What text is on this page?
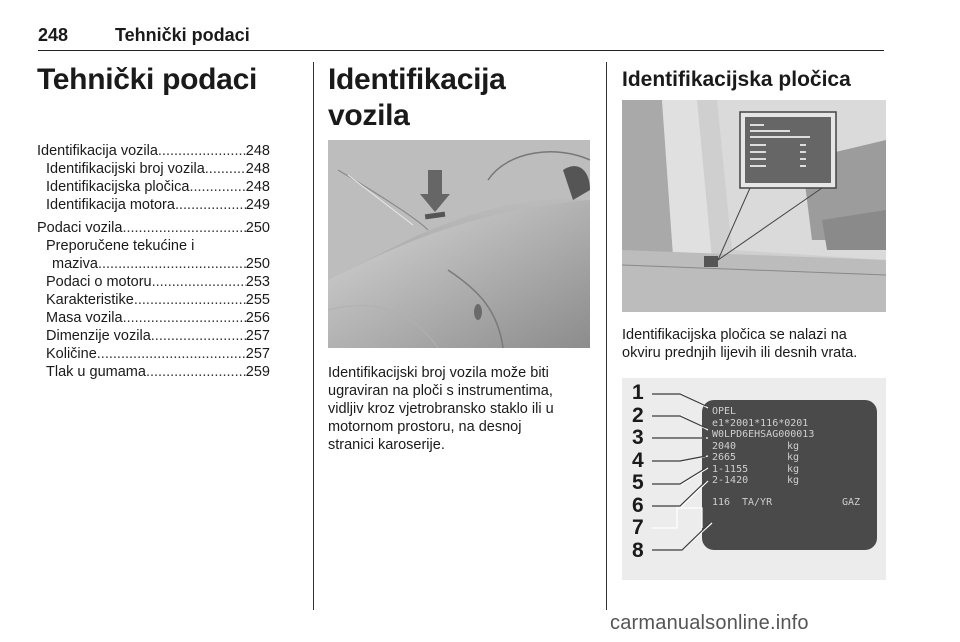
248	Tehnički podaci
Tehnički podaci
Identifikacija vozila .....	248
Identifikacijski broj vozila .....	248
Identifikacijska pločica .....	248
Identifikacija motora .....	249
Podaci vozila .....	250
Preporučene tekućine i
maziva .....	250
Podaci o motoru .....	253
Karakteristike .....	255
Masa vozila .....	256
Dimenzije vozila .....	257
Količine .....	257
Tlak u gumama .....	259
Identifikacija vozila

Identifikacijski broj vozila može biti

ugraviran na ploči s instrumentima,

vidljiv kroz vjetrobransko staklo ili u

motornom prostoru, na desnoj

stranici karoserije.

Identifikacijska pločica

Identifikacijska pločica se nalazi na

okviru prednjih lijevih ili desnih vrata.

1
2
3
4
5
6
7
8
OPEL
e1*2001*116*0201
W0LPD6EHSAG000013
2040	kg
2665	kg
1-1155	kg
2-1420	kg
116	TA/YR	GAZ
carmanualsonline.info
